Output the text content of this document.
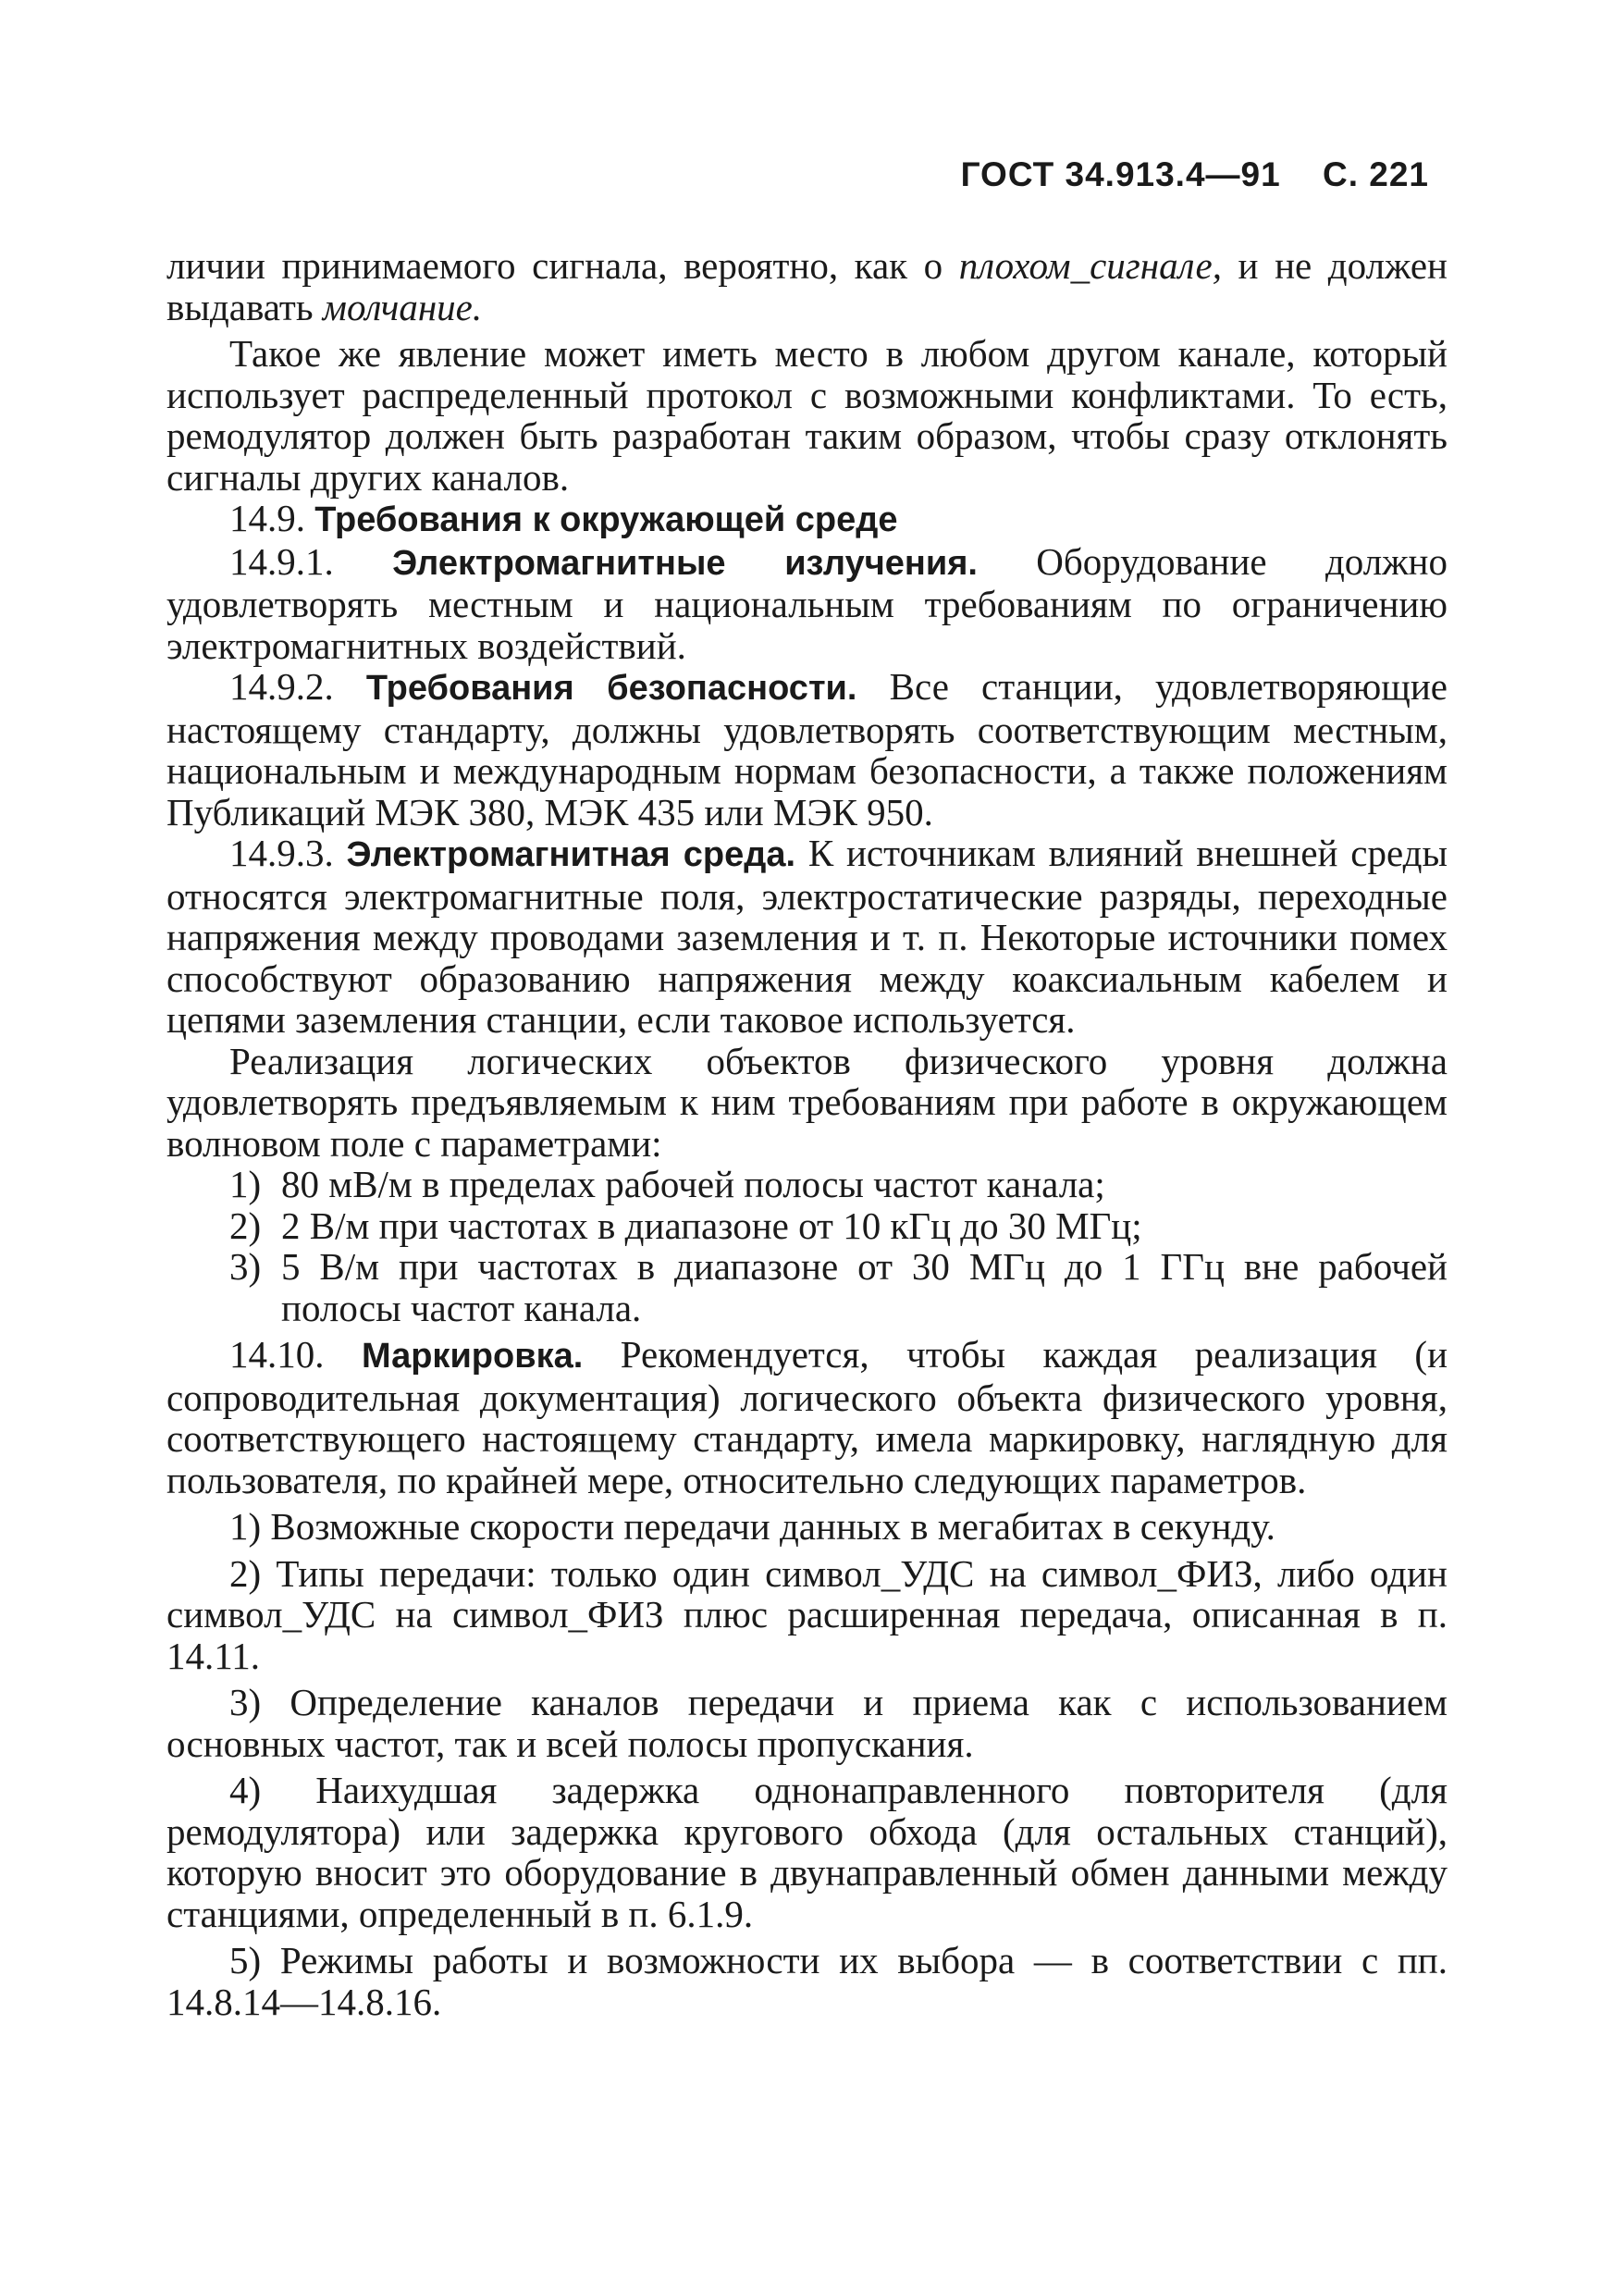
ГОСТ 34.913.4—91 С. 221

личии принимаемого сигнала, вероятно, как о плохом_сигнале, и не должен выдавать молчание.

Такое же явление может иметь место в любом другом канале, который использует распределенный протокол с возможными конфликтами. То есть, ремодулятор должен быть разработан таким образом, чтобы сразу отклонять сигналы других каналов.

14.9. Требования к окружающей среде

14.9.1. Электромагнитные излучения. Оборудование должно удовлетворять местным и национальным требованиям по ограничению электромагнитных воздействий.

14.9.2. Требования безопасности. Все станции, удовлетворяющие настоящему стандарту, должны удовлетворять соответствующим местным, национальным и международным нормам безопасности, а также положениям Публикаций МЭК 380, МЭК 435 или МЭК 950.

14.9.3. Электромагнитная среда. К источникам влияний внешней среды относятся электромагнитные поля, электростатические разряды, переходные напряжения между проводами заземления и т. п. Некоторые источники помех способствуют образованию напряжения между коаксиальным кабелем и цепями заземления станции, если таковое используется.

Реализация логических объектов физического уровня должна удовлетворять предъявляемым к ним требованиям при работе в окружающем волновом поле с параметрами:

1) 80 мВ/м в пределах рабочей полосы частот канала;
2) 2 В/м при частотах в диапазоне от 10 кГц до 30 МГц;
3) 5 В/м при частотах в диапазоне от 30 МГц до 1 ГГц вне рабочей полосы частот канала.

14.10. Маркировка. Рекомендуется, чтобы каждая реализация (и сопроводительная документация) логического объекта физического уровня, соответствующего настоящему стандарту, имела маркировку, наглядную для пользователя, по крайней мере, относительно следующих параметров.

1) Возможные скорости передачи данных в мегабитах в секунду.

2) Типы передачи: только один символ_УДС на символ_ФИЗ, либо один символ_УДС на символ_ФИЗ плюс расширенная передача, описанная в п. 14.11.

3) Определение каналов передачи и приема как с использованием основных частот, так и всей полосы пропускания.

4) Наихудшая задержка однонаправленного повторителя (для ремодулятора) или задержка кругового обхода (для остальных станций), которую вносит это оборудование в двунаправленный обмен данными между станциями, определенный в п. 6.1.9.

5) Режимы работы и возможности их выбора — в соответствии с пп. 14.8.14—14.8.16.
